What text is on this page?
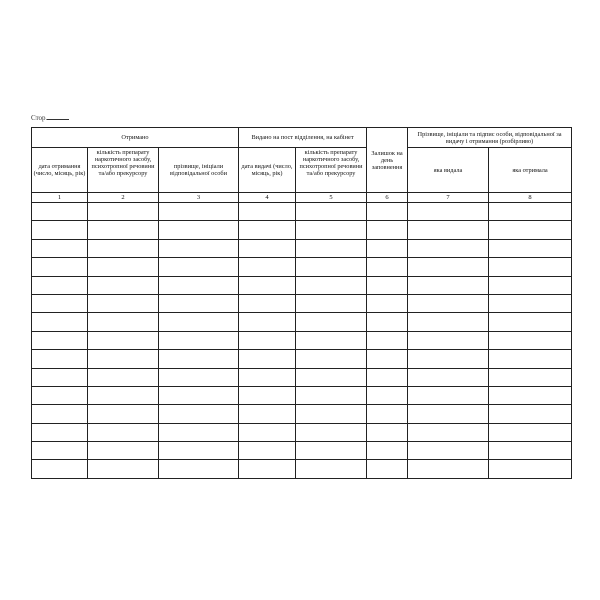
Стор.
Отримано			Видано на пост відділення, на кабінет		Залишок на день заповнення	Прізвище, ініціали та підпис особи, відповідальної за видачу і отримання (розбірливо)	
дата отримання (число, місяць, рік)	кількість препарату наркотичного засобу, психотропної речовини та/або прекурсору	прізвище, ініціали відповідальної особи	дата видачі (число, місяць, рік)	кількість препарату наркотичного засобу, психотропної речовини та/або прекурсору		яка видала	яка отримала
1	2	3	4	5	6	7	8
